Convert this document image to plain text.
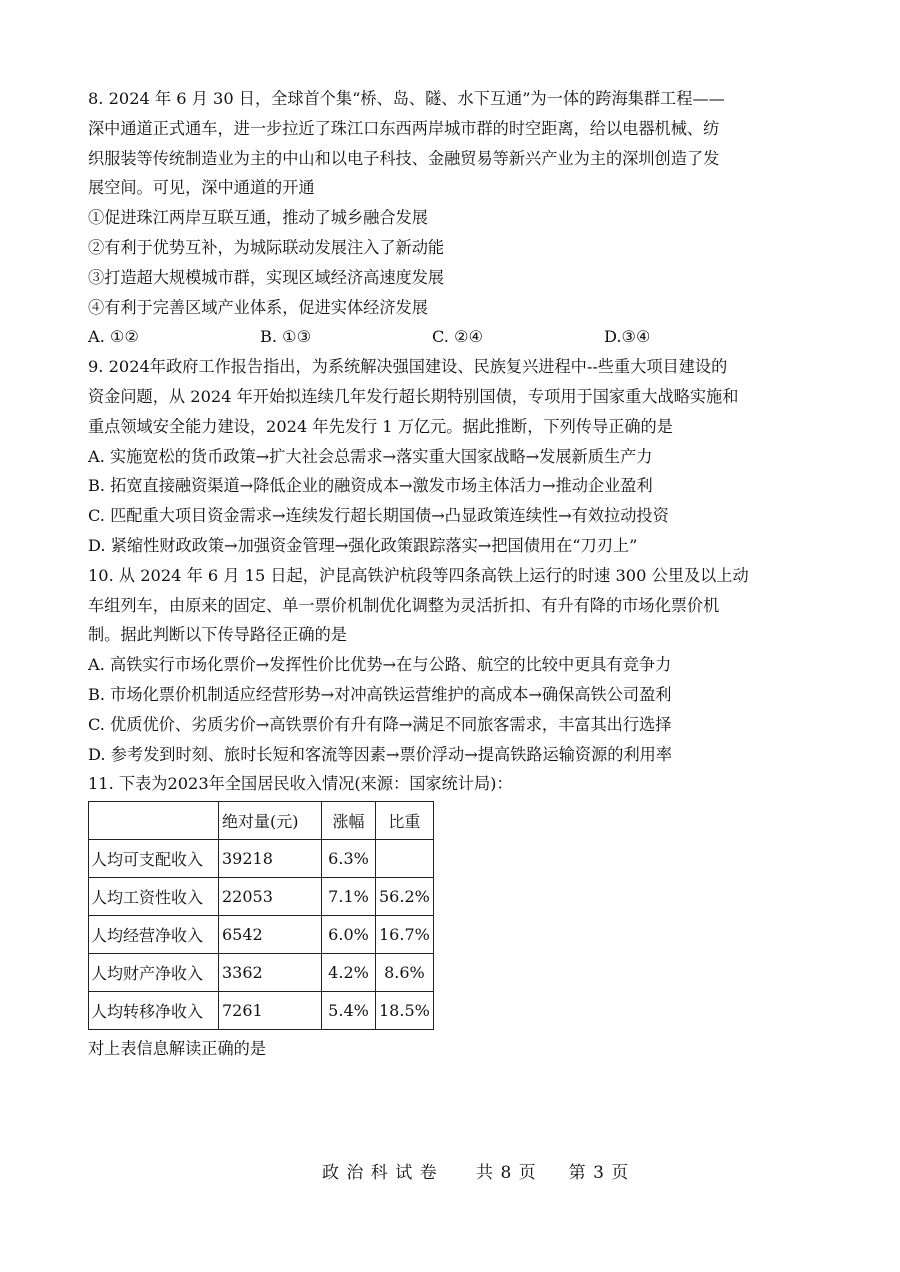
8. 2024 年 6 月 30 日，全球首个集“桥、岛、隧、水下互通”为一体的跨海集群工程——

深中通道正式通车，进一步拉近了珠江口东西两岸城市群的时空距离，给以电器机械、纺

织服装等传统制造业为主的中山和以电子科技、金融贸易等新兴产业为主的深圳创造了发

展空间。可见，深中通道的开通

①促进珠江两岸互联互通，推动了城乡融合发展

②有利于优势互补，为城际联动发展注入了新动能

③打造超大规模城市群，实现区域经济高速度发展

④有利于完善区域产业体系，促进实体经济发展

A. ①②	B. ①③	C. ②④	D.③④

9. 2024年政府工作报告指出，为系统解决强国建设、民族复兴进程中--些重大项目建设的

资金问题，从 2024 年开始拟连续几年发行超长期特别国债，专项用于国家重大战略实施和

重点领域安全能力建设，2024 年先发行 1 万亿元。据此推断，下列传导正确的是

A. 实施宽松的货币政策→扩大社会总需求→落实重大国家战略→发展新质生产力

B. 拓宽直接融资渠道→降低企业的融资成本→激发市场主体活力→推动企业盈利

C. 匹配重大项目资金需求→连续发行超长期国债→凸显政策连续性→有效拉动投资

D. 紧缩性财政政策→加强资金管理→强化政策跟踪落实→把国债用在“刀刃上”

10. 从 2024 年 6 月 15 日起，沪昆高铁沪杭段等四条高铁上运行的时速 300 公里及以上动

车组列车，由原来的固定、单一票价机制优化调整为灵活折扣、有升有降的市场化票价机

制。据此判断以下传导路径正确的是

A. 高铁实行市场化票价→发挥性价比优势→在与公路、航空的比较中更具有竞争力

B. 市场化票价机制适应经营形势→对冲高铁运营维护的高成本→确保高铁公司盈利

C. 优质优价、劣质劣价→高铁票价有升有降→满足不同旅客需求，丰富其出行选择

D. 参考发到时刻、旅时长短和客流等因素→票价浮动→提高铁路运输资源的利用率

11. 下表为2023年全国居民收入情况(来源：国家统计局)：

	绝对量(元)	涨幅	比重
人均可支配收入	39218	6.3%	
人均工资性收入	22053	7.1%	56.2%
人均经营净收入	6542	6.0%	16.7%
人均财产净收入	3362	4.2%	8.6%
人均转移净收入	7261	5.4%	18.5%

对上表信息解读正确的是

政 治 科 试 卷      共 8 页     第 3 页
